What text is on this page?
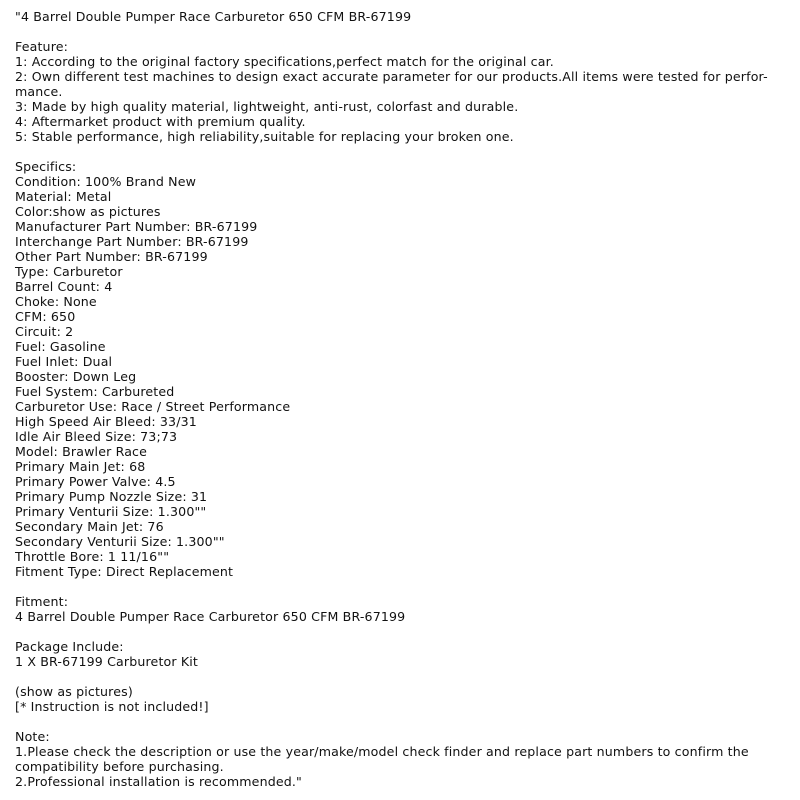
"4 Barrel Double Pumper Race Carburetor 650 CFM BR-67199
Feature:
1: According to the original factory specifications,perfect match for the original car.
2: Own different test machines to design exact accurate parameter for our products.All items were tested for perfor-
mance.
3: Made by high quality material, lightweight, anti-rust, colorfast and durable.
4: Aftermarket product with premium quality.
5: Stable performance, high reliability,suitable for replacing your broken one.
Specifics:
Condition: 100% Brand New
Material: Metal
Color:show as pictures
Manufacturer Part Number: BR-67199
Interchange Part Number: BR-67199
Other Part Number: BR-67199
Type: Carburetor
Barrel Count: 4
Choke: None
CFM: 650
Circuit: 2
Fuel: Gasoline
Fuel Inlet: Dual
Booster: Down Leg
Fuel System: Carbureted
Carburetor Use: Race / Street Performance
High Speed Air Bleed: 33/31
Idle Air Bleed Size: 73;73
Model: Brawler Race
Primary Main Jet: 68
Primary Power Valve: 4.5
Primary Pump Nozzle Size: 31
Primary Venturii Size: 1.300""
Secondary Main Jet: 76
Secondary Venturii Size: 1.300""
Throttle Bore: 1 11/16""
Fitment Type: Direct Replacement
Fitment:
4 Barrel Double Pumper Race Carburetor 650 CFM BR-67199
Package Include:
1 X BR-67199 Carburetor Kit
(show as pictures)
[* Instruction is not included!]
Note:
1.Please check the description or use the year/make/model check finder and replace part numbers to confirm the
compatibility before purchasing.
2.Professional installation is recommended."
